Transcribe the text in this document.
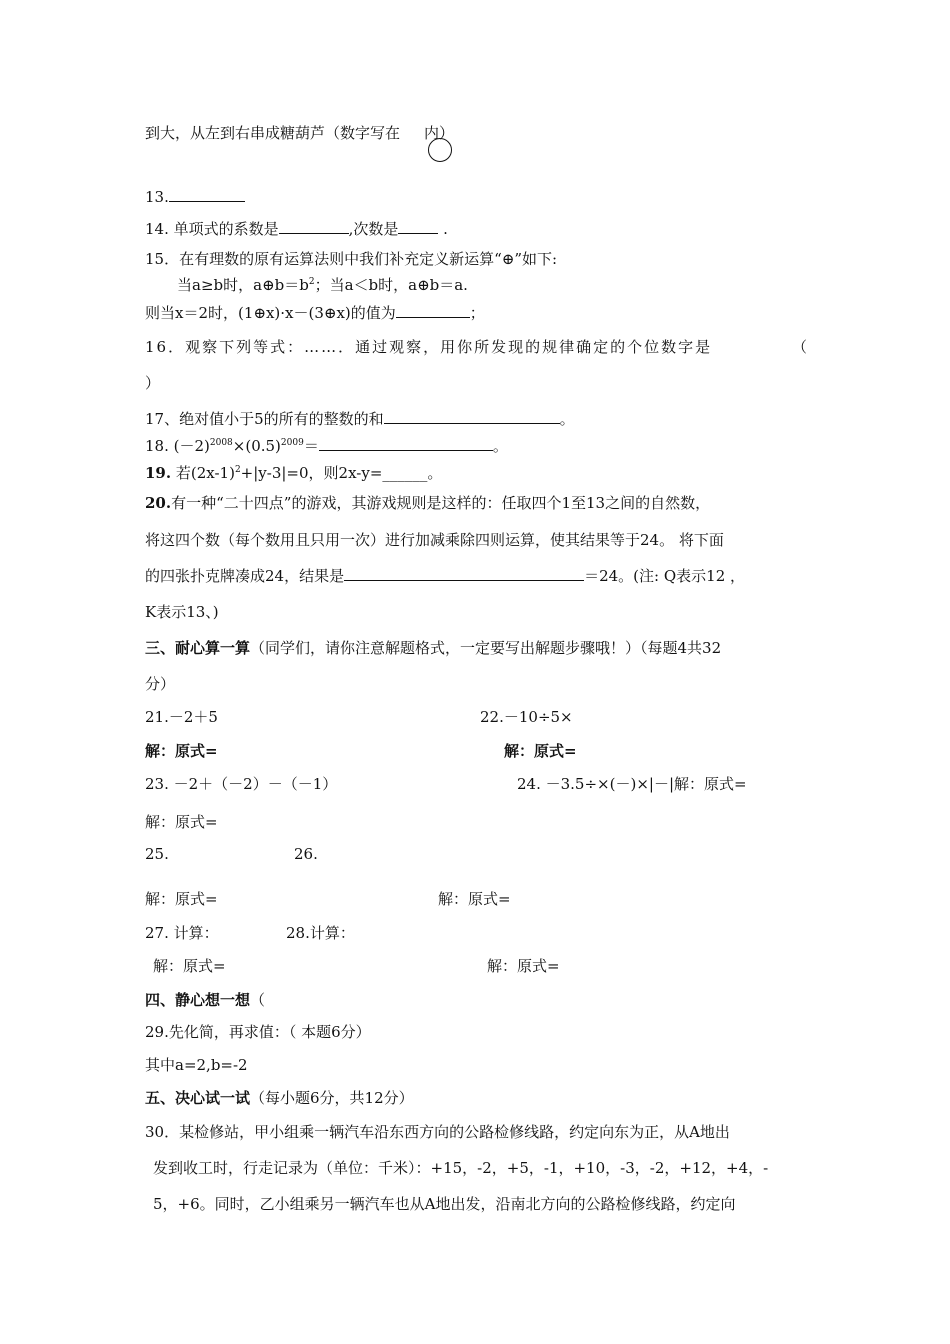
到大，从左到右串成糖葫芦（数字写在 内）
13.
14. 单项式的系数是	,次数是	.
15．在有理数的原有运算法则中我们补充定义新运算“⊕”如下:
当a≥b时，$a\oplus b=b^2$；当a＜b时，a⊕b＝a.
则当x＝2时，(1⊕x)·x－(3⊕x)的值为	；
16．观察下列等式：……．通过观察，用你所发现的规律确定的个位数字是	（
）
17、绝对值小于5的所有的整数的和	。
18. $(-2)^{2008}\times(0.5)^{2009}=$	。
19. 若$(2x-1)^2+|y-3|=0$，则2x-y=______。
20.有一种“二十四点”的游戏，其游戏规则是这样的：任取四个1至13之间的自然数，
将这四个数（每个数用且只用一次）进行加减乘除四则运算，使其结果等于24。 将下面
的四张扑克牌凑成24，结果是	＝24。(注: Q表示12 ，
K表示13、)
三、耐心算一算（同学们，请你注意解题格式，一定要写出解题步骤哦！）（每题4共32
分）
21.－2＋5	22.－10÷5×
解：原式=	解：原式=
23. －2＋（－2）－（－1）	24. －3.5÷×(－)×|－|解：原式=
解：原式=
25.	26.
解：原式=	解：原式=
27. 计算：	28.计算：
解：原式=	解：原式=
四、静心想一想（
29.先化简，再求值：（ 本题6分）
其中a=2,b=-2
五、决心试一试（每小题6分，共12分）
30．某检修站，甲小组乘一辆汽车沿东西方向的公路检修线路，约定向东为正，从A地出
发到收工时，行走记录为（单位：千米）：+15，-2，+5，-1，+10，-3，-2，+12，+4，-
5，+6。同时，乙小组乘另一辆汽车也从A地出发，沿南北方向的公路检修线路，约定向
